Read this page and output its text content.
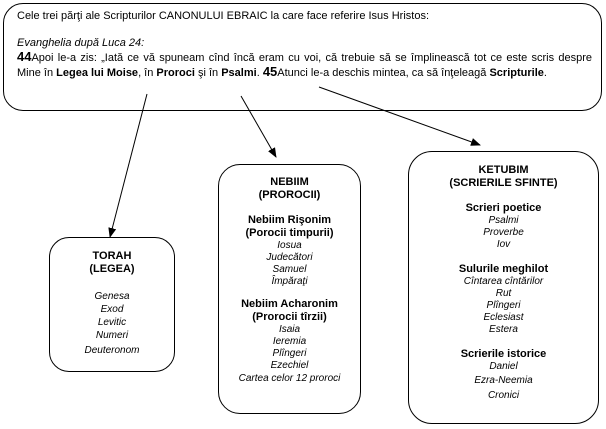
Cele trei părţi ale Scripturilor CANONULUI EBRAIC la care face referire Isus Hristos:

Evanghelia după Luca 24:
44Apoi le-a zis: „Iată ce vă spuneam cînd încă eram cu voi, că trebuie să se împlinească tot ce este scris despre Mine în Legea lui Moise, în Proroci şi în Psalmi. 45Atunci le-a deschis mintea, ca să înţeleagă Scripturile.
TORAH
(LEGEA)
Genesa
Exod
Levitic
Numeri
Deuteronom
NEBIIM
(PROROCII)
Nebiim Rişonim
(Porocii timpurii)
Iosua
Judecători
Samuel
Împăraţi
Nebiim Acharonim
(Prorocii tîrzii)
Isaia
Ieremia
Plîngeri
Ezechiel
Cartea celor 12 proroci
KETUBIM
(SCRIERILE SFINTE)
Scrieri poetice
Psalmi
Proverbe
Iov
Sulurile meghilot
Cîntarea cîntărilor
Rut
Plîngeri
Eclesiast
Estera
Scrierile istorice
Daniel
Ezra-Neemia
Cronici
